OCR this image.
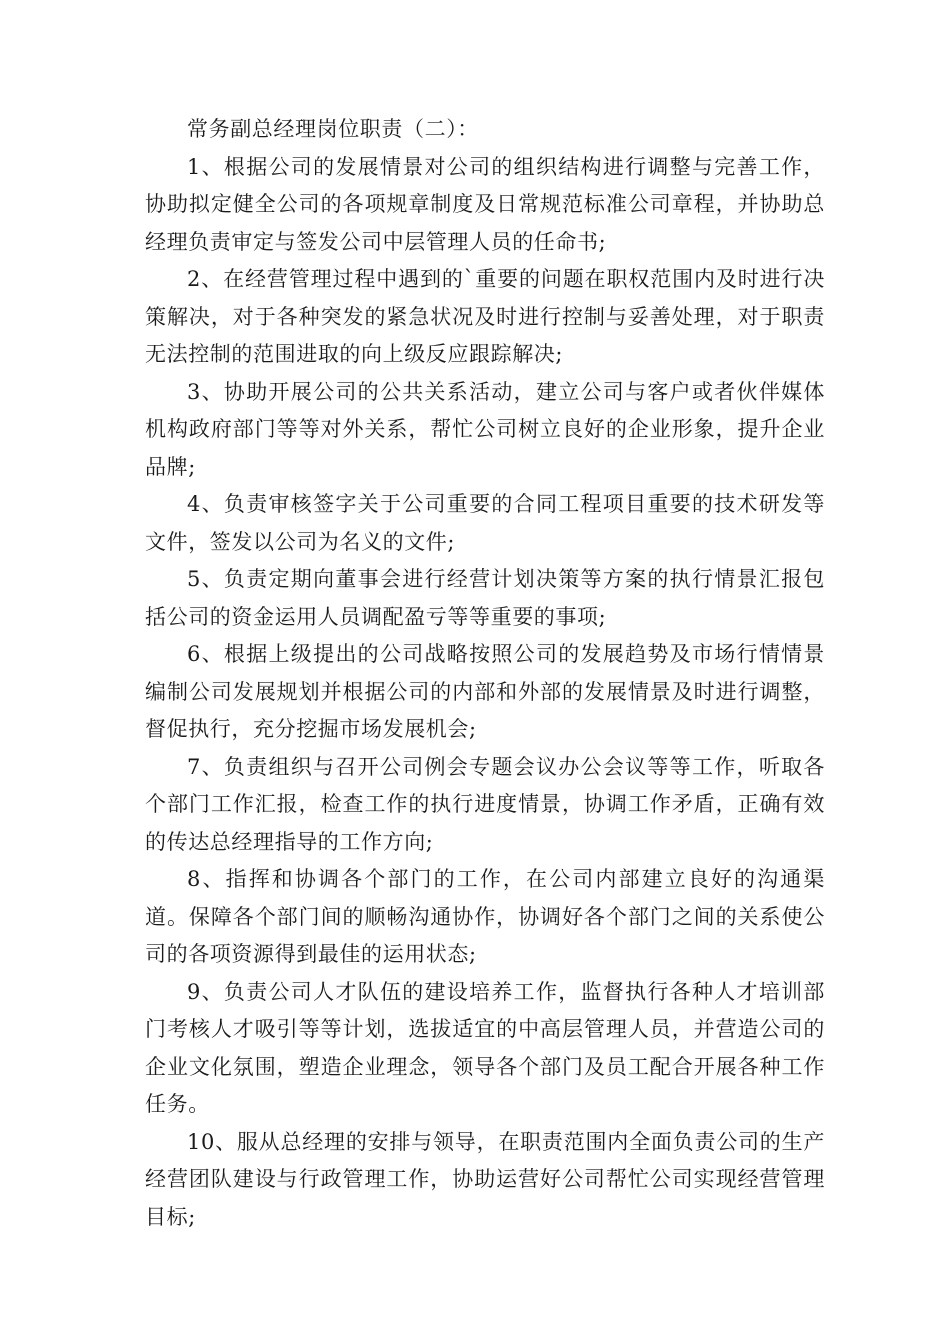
常务副总经理岗位职责（二）：

1、根据公司的发展情景对公司的组织结构进行调整与完善工作，协助拟定健全公司的各项规章制度及日常规范标准公司章程，并协助总经理负责审定与签发公司中层管理人员的任命书;

2、在经营管理过程中遇到的`重要的问题在职权范围内及时进行决策解决，对于各种突发的紧急状况及时进行控制与妥善处理，对于职责无法控制的范围进取的向上级反应跟踪解决;

3、协助开展公司的公共关系活动，建立公司与客户或者伙伴媒体机构政府部门等等对外关系，帮忙公司树立良好的企业形象，提升企业品牌;

4、负责审核签字关于公司重要的合同工程项目重要的技术研发等文件，签发以公司为名义的文件;

5、负责定期向董事会进行经营计划决策等方案的执行情景汇报包括公司的资金运用人员调配盈亏等等重要的事项;

6、根据上级提出的公司战略按照公司的发展趋势及市场行情情景编制公司发展规划并根据公司的内部和外部的发展情景及时进行调整，督促执行，充分挖掘市场发展机会;

7、负责组织与召开公司例会专题会议办公会议等等工作，听取各个部门工作汇报，检查工作的执行进度情景，协调工作矛盾，正确有效的传达总经理指导的工作方向;

8、指挥和协调各个部门的工作，在公司内部建立良好的沟通渠道。保障各个部门间的顺畅沟通协作，协调好各个部门之间的关系使公司的各项资源得到最佳的运用状态;

9、负责公司人才队伍的建设培养工作，监督执行各种人才培训部门考核人才吸引等等计划，选拔适宜的中高层管理人员，并营造公司的企业文化氛围，塑造企业理念，领导各个部门及员工配合开展各种工作任务。

10、服从总经理的安排与领导，在职责范围内全面负责公司的生产经营团队建设与行政管理工作，协助运营好公司帮忙公司实现经营管理目标;
